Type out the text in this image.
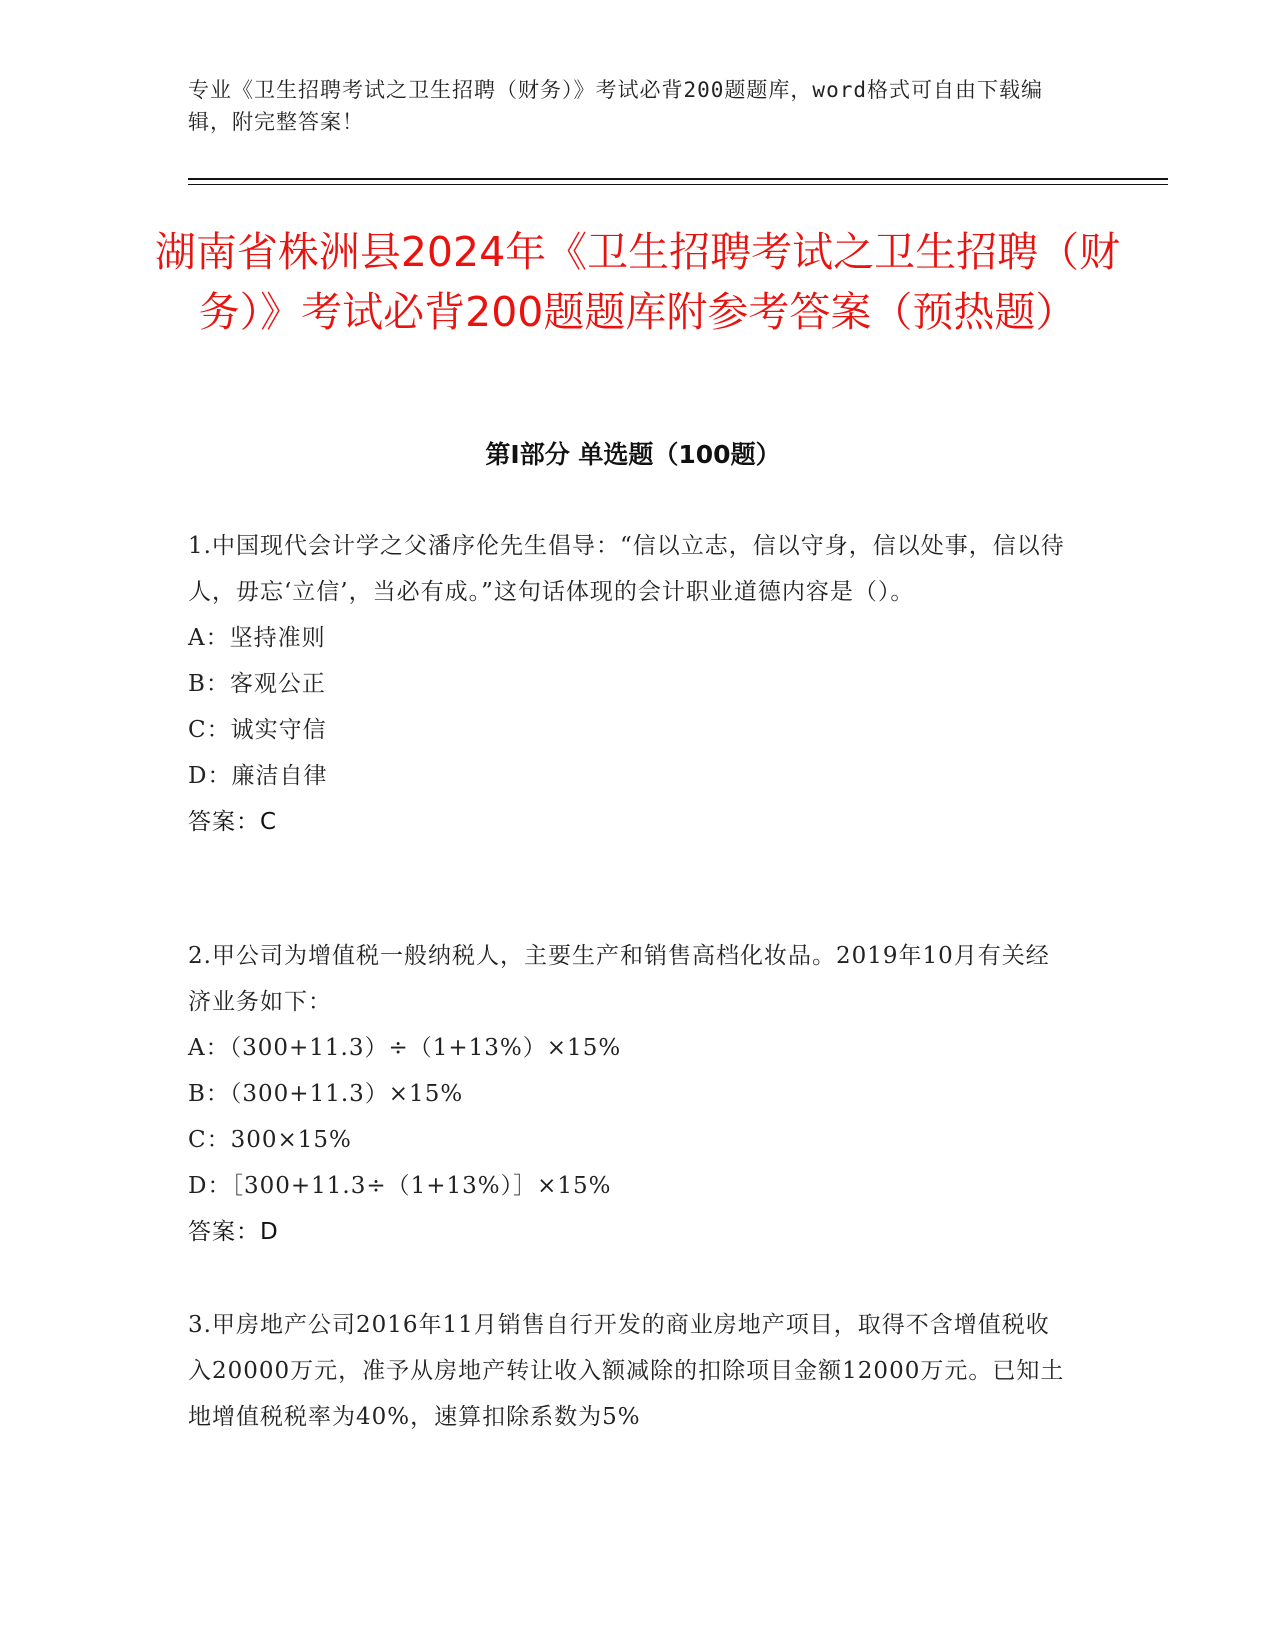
专业《卫生招聘考试之卫生招聘（财务）》考试必背200题题库，word格式可自由下载编辑，附完整答案！
湖南省株洲县2024年《卫生招聘考试之卫生招聘（财务）》考试必背200题题库附参考答案（预热题）
第I部分 单选题（100题）

1.中国现代会计学之父潘序伦先生倡导：“信以立志，信以守身，信以处事，信以待人，毋忘‘立信’，当必有成。”这句话体现的会计职业道德内容是（）。

A：坚持准则

B：客观公正

C：诚实守信

D：廉洁自律

答案：C

2.甲公司为增值税一般纳税人，主要生产和销售高档化妆品。2019年10月有关经济业务如下：

A：（300+11.3）÷（1+13%）×15%

B：（300+11.3）×15%

C：300×15%

D：［300+11.3÷（1+13%）］×15%

答案：D

3.甲房地产公司2016年11月销售自行开发的商业房地产项目，取得不含增值税收入20000万元，准予从房地产转让收入额减除的扣除项目金额12000万元。已知土地增值税税率为40%，速算扣除系数为5%
